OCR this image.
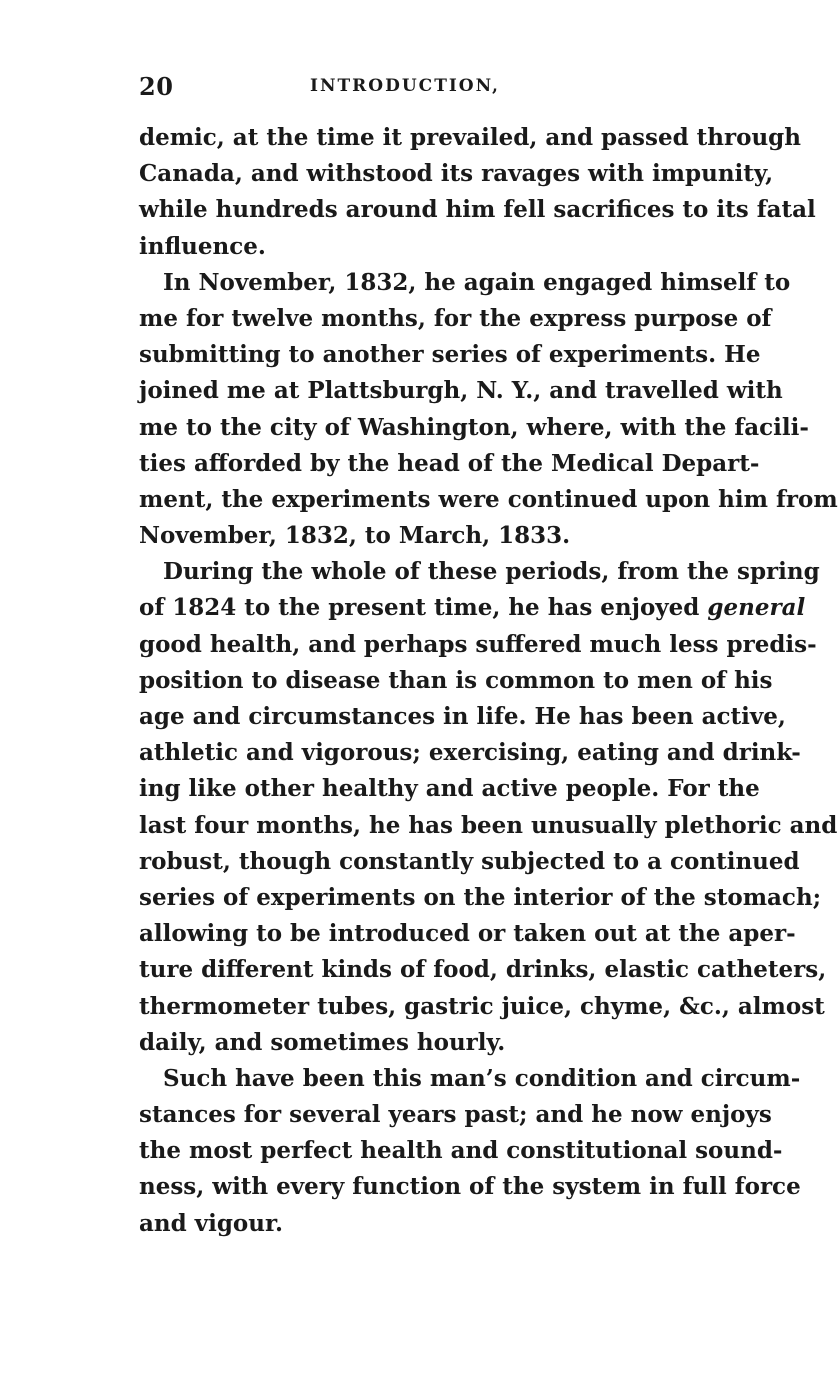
20	INTRODUCTION,
demic, at the time it prevailed, and passed through
Canada, and withstood its ravages with impunity,
while hundreds around him fell sacrifices to its fatal
influence.
In November, 1832, he again engaged himself to
me for twelve months, for the express purpose of
submitting to another series of experiments. He
joined me at Plattsburgh, N. Y., and travelled with
me to the city of Washington, where, with the facili-
ties afforded by the head of the Medical Depart-
ment, the experiments were continued upon him from
November, 1832, to March, 1833.
During the whole of these periods, from the spring
of 1824 to the present time, he has enjoyed general
good health, and perhaps suffered much less predis-
position to disease than is common to men of his
age and circumstances in life. He has been active,
athletic and vigorous; exercising, eating and drink-
ing like other healthy and active people. For the
last four months, he has been unusually plethoric and
robust, though constantly subjected to a continued
series of experiments on the interior of the stomach;
allowing to be introduced or taken out at the aper-
ture different kinds of food, drinks, elastic catheters,
thermometer tubes, gastric juice, chyme, &c., almost
daily, and sometimes hourly.
Such have been this man’s condition and circum-
stances for several years past; and he now enjoys
the most perfect health and constitutional sound-
ness, with every function of the system in full force
and vigour.
